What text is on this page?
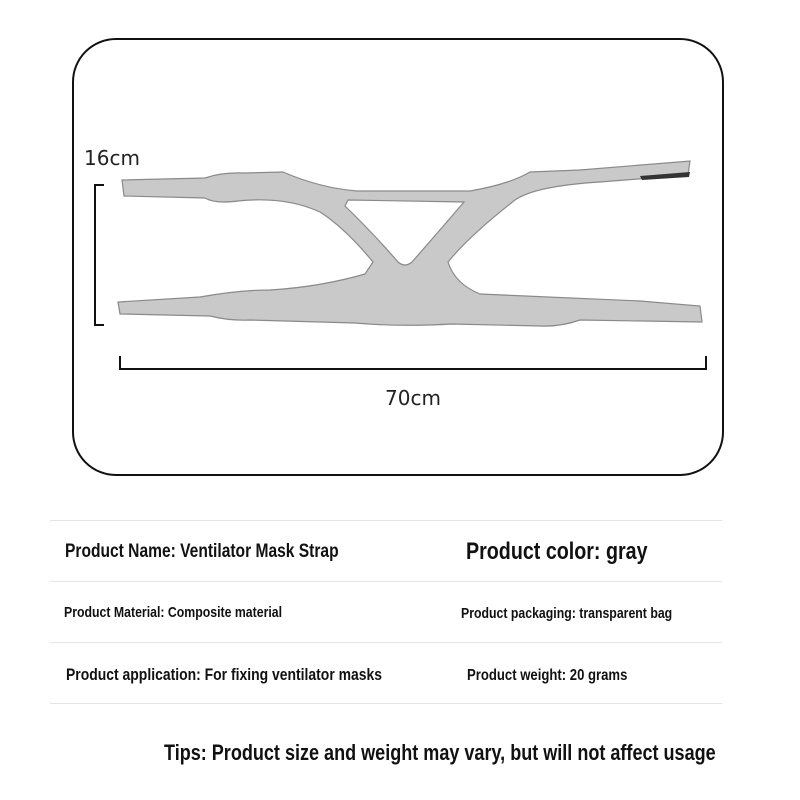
16cm
70cm
Product Name: Ventilator Mask Strap	Product color: gray
Product Material: Composite material	Product packaging: transparent bag
Product application: For fixing ventilator masks	Product weight: 20 grams
Tips: Product size and weight may vary, but will not affect usage
